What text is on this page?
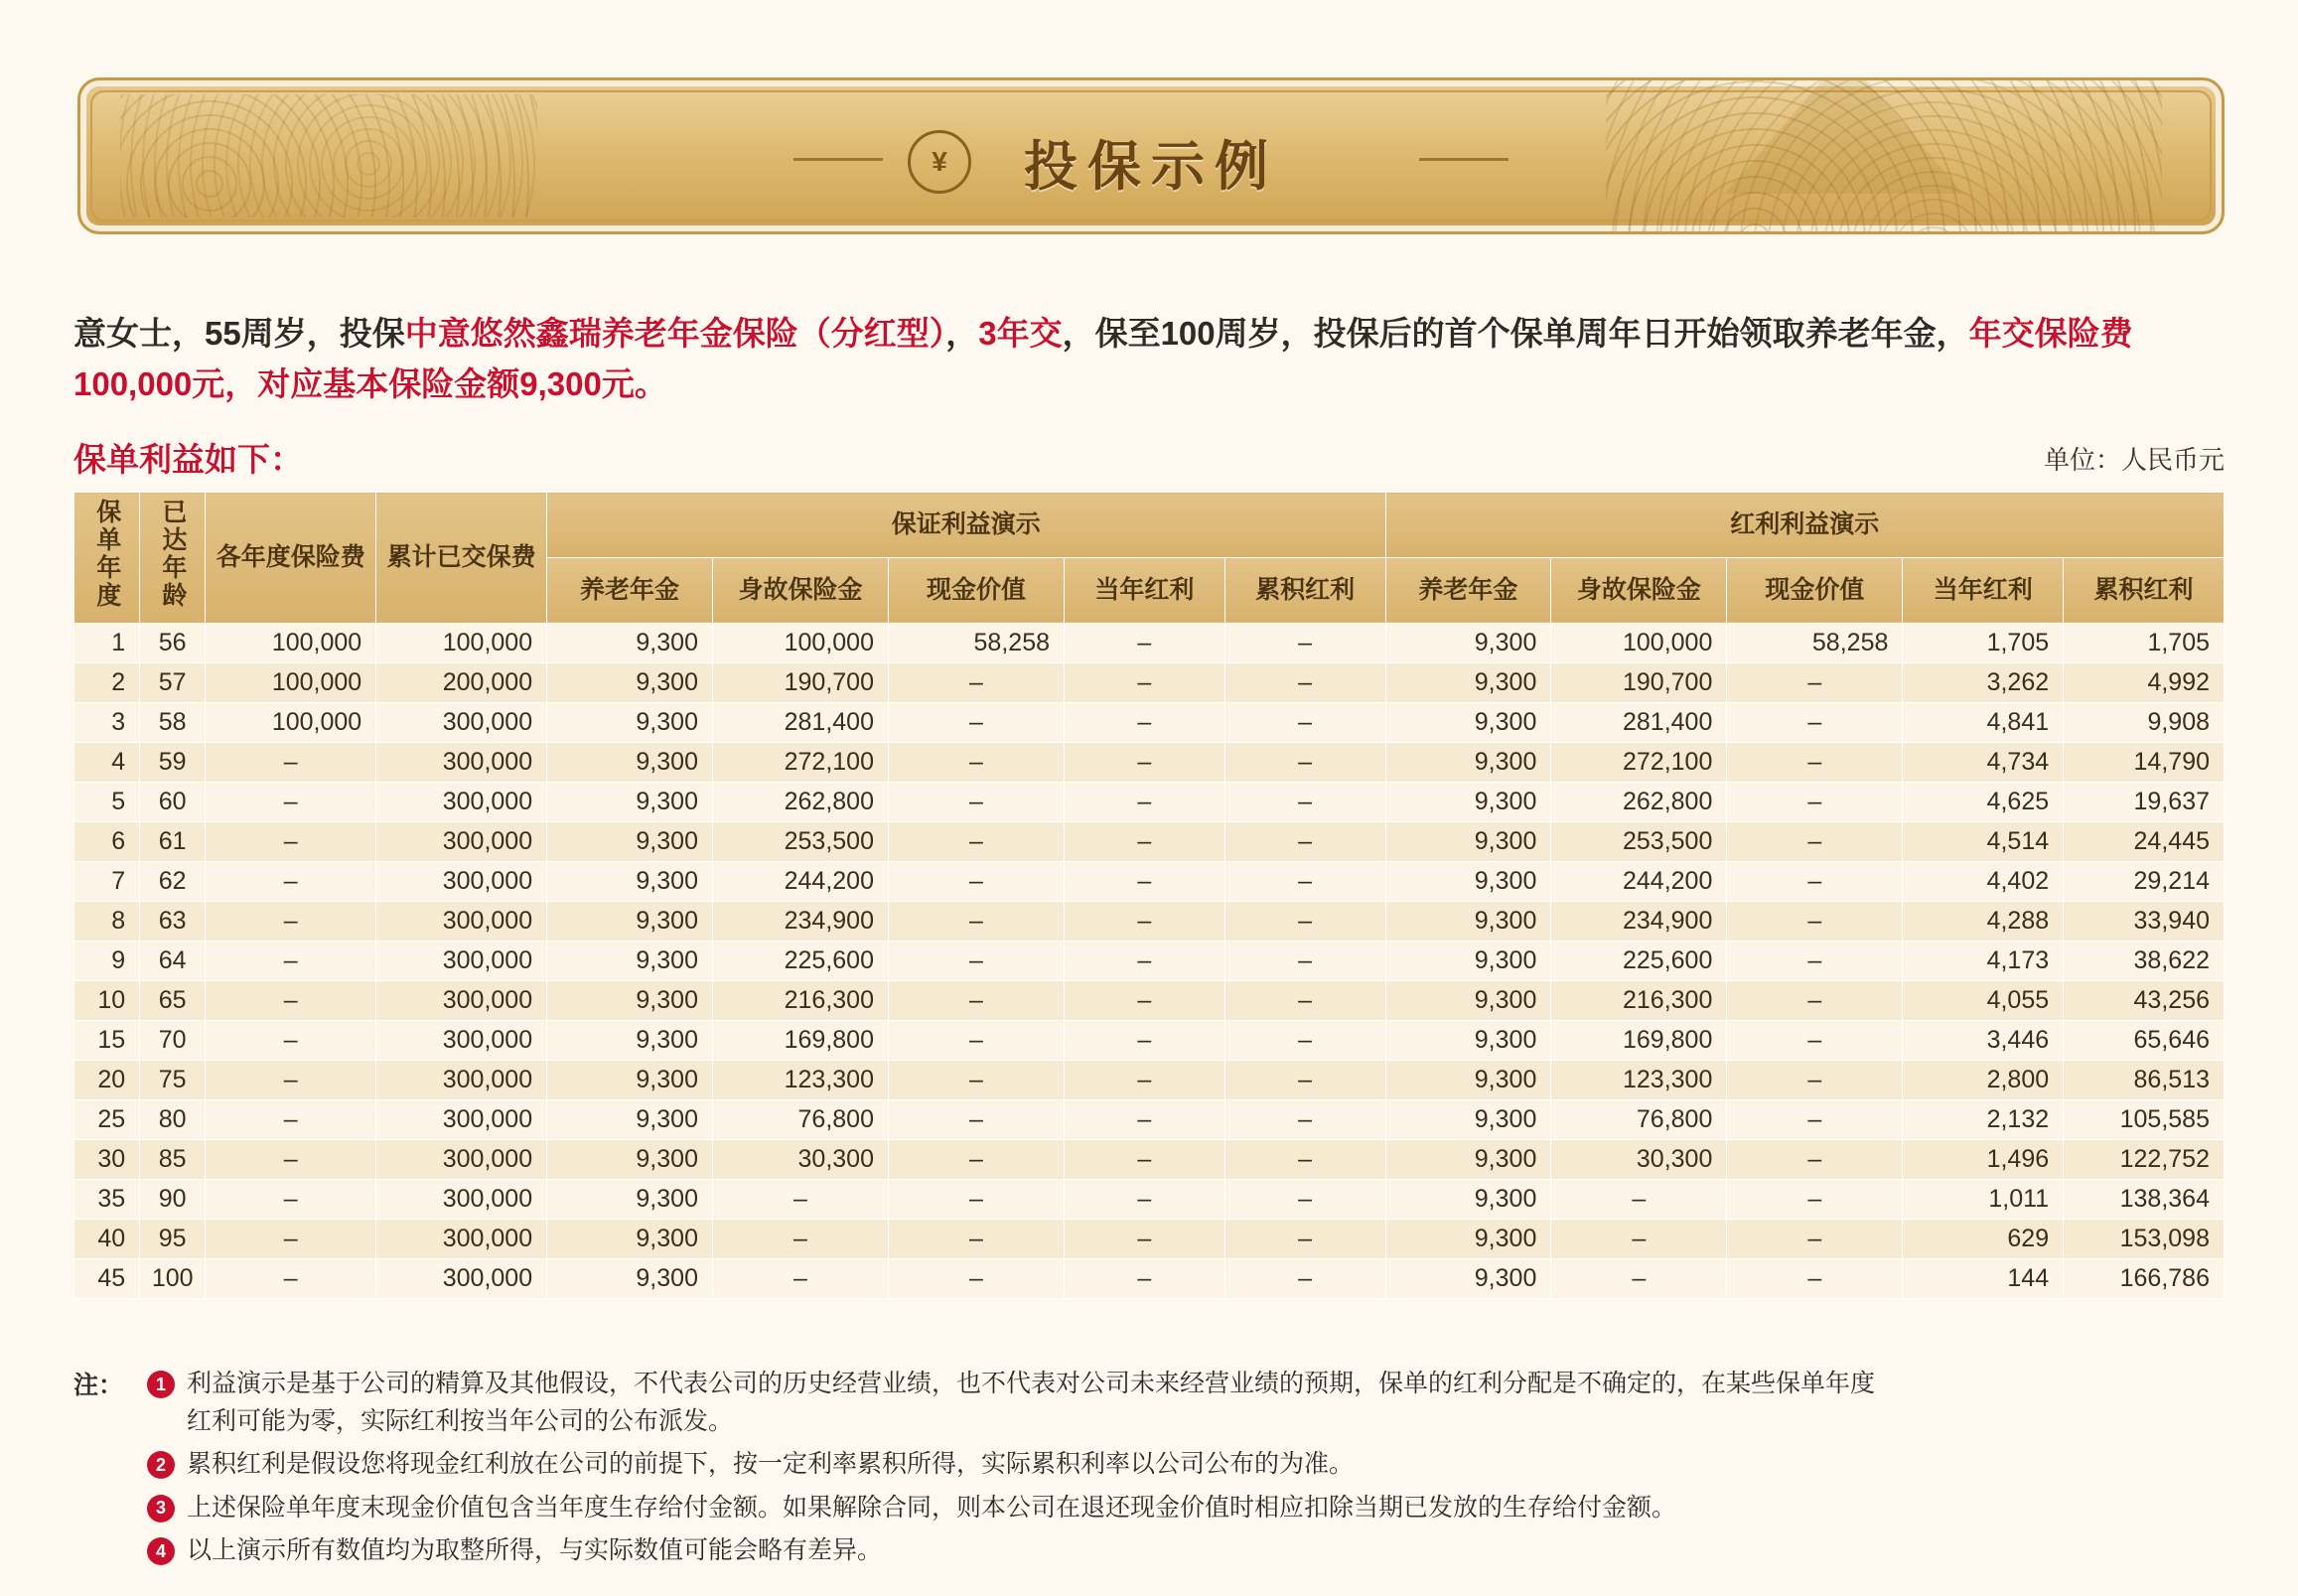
¥	投保示例
意女士，55周岁，投保中意悠然鑫瑞养老年金保险（分红型），3年交，保至100周岁，投保后的首个保单周年日开始领取养老年金，年交保险费100,000元，对应基本保险金额9,300元。
保单利益如下：	单位：人民币元
保单年度	已达年龄	各年度保险费	累计已交保费	保证利益演示					红利利益演示				
				养老年金	身故保险金	现金价值	当年红利	累积红利	养老年金	身故保险金	现金价值	当年红利	累积红利
1	56	100,000	100,000	9,300	100,000	58,258	–	–	9,300	100,000	58,258	1,705	1,705
2	57	100,000	200,000	9,300	190,700	–	–	–	9,300	190,700	–	3,262	4,992
3	58	100,000	300,000	9,300	281,400	–	–	–	9,300	281,400	–	4,841	9,908
4	59	–	300,000	9,300	272,100	–	–	–	9,300	272,100	–	4,734	14,790
5	60	–	300,000	9,300	262,800	–	–	–	9,300	262,800	–	4,625	19,637
6	61	–	300,000	9,300	253,500	–	–	–	9,300	253,500	–	4,514	24,445
7	62	–	300,000	9,300	244,200	–	–	–	9,300	244,200	–	4,402	29,214
8	63	–	300,000	9,300	234,900	–	–	–	9,300	234,900	–	4,288	33,940
9	64	–	300,000	9,300	225,600	–	–	–	9,300	225,600	–	4,173	38,622
10	65	–	300,000	9,300	216,300	–	–	–	9,300	216,300	–	4,055	43,256
15	70	–	300,000	9,300	169,800	–	–	–	9,300	169,800	–	3,446	65,646
20	75	–	300,000	9,300	123,300	–	–	–	9,300	123,300	–	2,800	86,513
25	80	–	300,000	9,300	76,800	–	–	–	9,300	76,800	–	2,132	105,585
30	85	–	300,000	9,300	30,300	–	–	–	9,300	30,300	–	1,496	122,752
35	90	–	300,000	9,300	–	–	–	–	9,300	–	–	1,011	138,364
40	95	–	300,000	9,300	–	–	–	–	9,300	–	–	629	153,098
45	100	–	300,000	9,300	–	–	–	–	9,300	–	–	144	166,786
注：	1 利益演示是基于公司的精算及其他假设，不代表公司的历史经营业绩，也不代表对公司未来经营业绩的预期，保单的红利分配是不确定的，在某些保单年度
红利可能为零，实际红利按当年公司的公布派发。
2 累积红利是假设您将现金红利放在公司的前提下，按一定利率累积所得，实际累积利率以公司公布的为准。
3 上述保险单年度末现金价值包含当年度生存给付金额。如果解除合同，则本公司在退还现金价值时相应扣除当期已发放的生存给付金额。
4 以上演示所有数值均为取整所得，与实际数值可能会略有差异。
